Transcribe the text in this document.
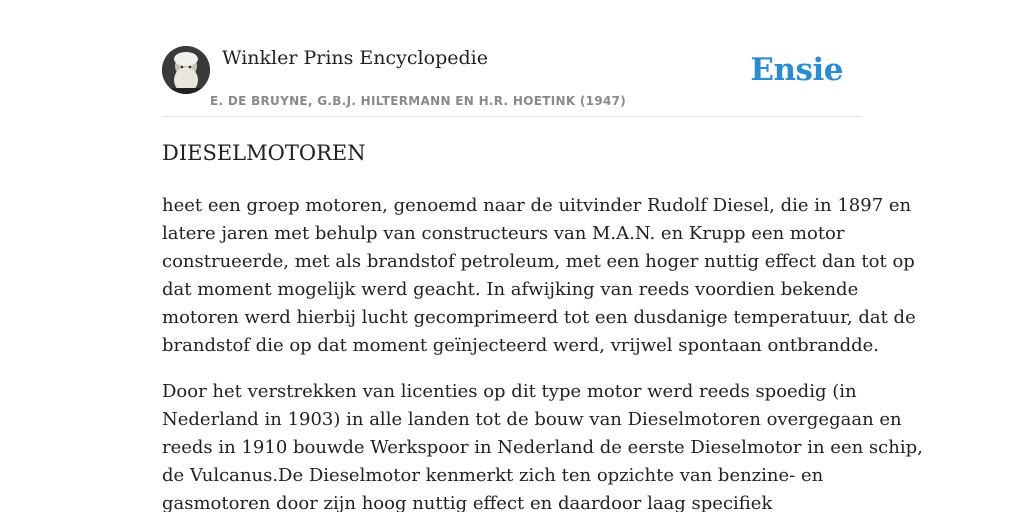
Winkler Prins Encyclopedie
E. DE BRUYNE, G.B.J. HILTERMANN EN H.R. HOETINK (1947)
Ensie
DIESELMOTOREN

heet een groep motoren, genoemd naar de uitvinder Rudolf Diesel, die in 1897 en
latere jaren met behulp van constructeurs van M.A.N. en Krupp een motor
construeerde, met als brandstof petroleum, met een hoger nuttig effect dan tot op
dat moment mogelijk werd geacht. In afwijking van reeds voordien bekende
motoren werd hierbij lucht gecomprimeerd tot een dusdanige temperatuur, dat de
brandstof die op dat moment geïnjecteerd werd, vrijwel spontaan ontbrandde.

Door het verstrekken van licenties op dit type motor werd reeds spoedig (in
Nederland in 1903) in alle landen tot de bouw van Dieselmotoren overgegaan en
reeds in 1910 bouwde Werkspoor in Nederland de eerste Dieselmotor in een schip,
de Vulcanus.De Dieselmotor kenmerkt zich ten opzichte van benzine- en
gasmotoren door zijn hoog nuttig effect en daardoor laag specifiek
